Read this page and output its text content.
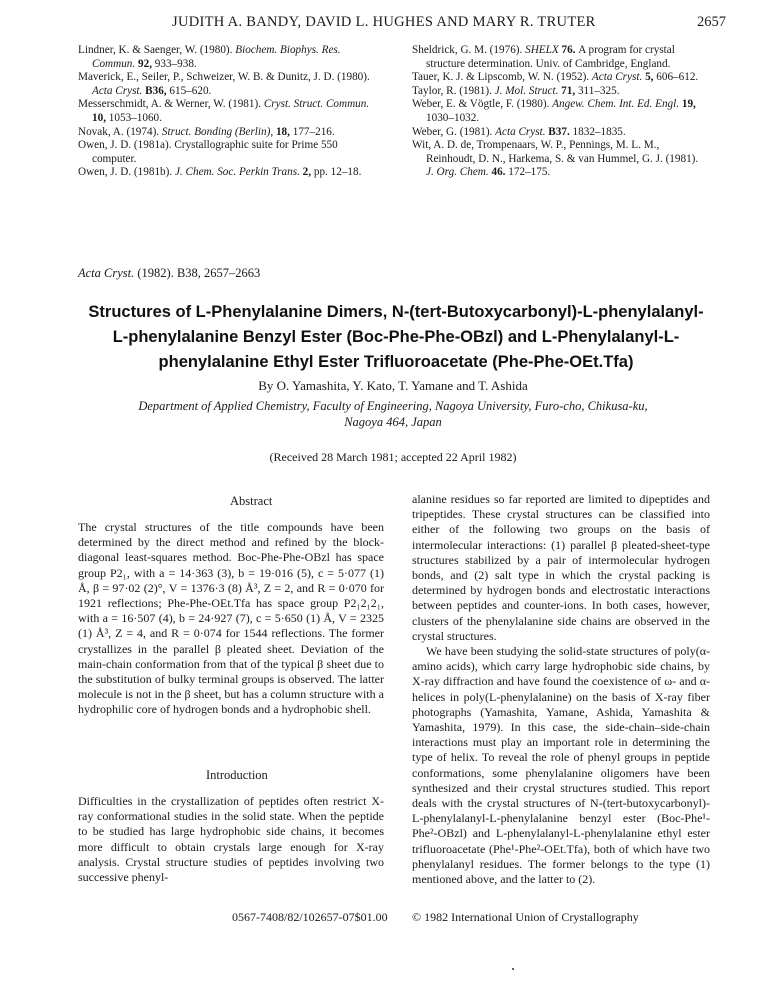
JUDITH A. BANDY, DAVID L. HUGHES AND MARY R. TRUTER	2657

Lindner, K. & Saenger, W. (1980). Biochem. Biophys. Res. Commun. 92, 933–938.

Maverick, E., Seiler, P., Schweizer, W. B. & Dunitz, J. D. (1980). Acta Cryst. B36, 615–620.

Messerschmidt, A. & Werner, W. (1981). Cryst. Struct. Commun. 10, 1053–1060.

Novak, A. (1974). Struct. Bonding (Berlin), 18, 177–216.

Owen, J. D. (1981a). Crystallographic suite for Prime 550 computer.

Owen, J. D. (1981b). J. Chem. Soc. Perkin Trans. 2, pp. 12–18.

Sheldrick, G. M. (1976). SHELX 76. A program for crystal structure determination. Univ. of Cambridge, England.

Tauer, K. J. & Lipscomb, W. N. (1952). Acta Cryst. 5, 606–612.

Taylor, R. (1981). J. Mol. Struct. 71, 311–325.

Weber, E. & Vögtle, F. (1980). Angew. Chem. Int. Ed. Engl. 19, 1030–1032.

Weber, G. (1981). Acta Cryst. B37. 1832–1835.

Wit, A. D. de, Trompenaars, W. P., Pennings, M. L. M., Reinhoudt, D. N., Harkema, S. & van Hummel, G. J. (1981). J. Org. Chem. 46. 172–175.

Acta Cryst. (1982). B38, 2657–2663
Structures of L-Phenylalanine Dimers, N-(tert-Butoxycarbonyl)-L-phenylalanyl-L-phenylalanine Benzyl Ester (Boc-Phe-Phe-OBzl) and L-Phenylalanyl-L-phenylalanine Ethyl Ester Trifluoroacetate (Phe-Phe-OEt.Tfa)
By O. Yamashita, Y. Kato, T. Yamane and T. Ashida
Department of Applied Chemistry, Faculty of Engineering, Nagoya University, Furo-cho, Chikusa-ku, Nagoya 464, Japan
(Received 28 March 1981; accepted 22 April 1982)
Abstract

The crystal structures of the title compounds have been determined by the direct method and refined by the block-diagonal least-squares method. Boc-Phe-Phe-OBzl has space group P2₁, with a = 14·363 (3), b = 19·016 (5), c = 5·077 (1) Å, β = 97·02 (2)°, V = 1376·3 (8) Å³, Z = 2, and R = 0·070 for 1921 reflections; Phe-Phe-OEt.Tfa has space group P2₁2₁2₁, with a = 16·507 (4), b = 24·927 (7), c = 5·650 (1) Å, V = 2325 (1) Å³, Z = 4, and R = 0·074 for 1544 reflections. The former crystallizes in the parallel β pleated sheet. Deviation of the main-chain conformation from that of the typical β sheet due to the substitution of bulky terminal groups is observed. The latter molecule is not in the β sheet, but has a column structure with a hydrophilic core of hydrogen bonds and a hydrophobic shell.

Introduction

Difficulties in the crystallization of peptides often restrict X-ray conformational studies in the solid state. When the peptide to be studied has large hydrophobic side chains, it becomes more difficult to obtain crystals large enough for X-ray analysis. Crystal structure studies of peptides involving two successive phenyl-

alanine residues so far reported are limited to dipeptides and tripeptides. These crystal structures can be classified into either of the following two groups on the basis of intermolecular interactions: (1) parallel β pleated-sheet-type structures stabilized by a pair of intermolecular hydrogen bonds, and (2) salt type in which the crystal packing is determined by hydrogen bonds and electrostatic interactions between peptides and counter-ions. In both cases, however, clusters of the phenylalanine side chains are observed in the crystal structures.

We have been studying the solid-state structures of poly(α-amino acids), which carry large hydrophobic side chains, by X-ray diffraction and have found the coexistence of ω- and α-helices in poly(L-phenylalanine) on the basis of X-ray fiber photographs (Yamashita, Yamane, Ashida, Yamashita & Yamashita, 1979). In this case, the side-chain–side-chain interactions must play an important role in determining the type of helix. To reveal the role of phenyl groups in peptide conformations, some phenylalanine oligomers have been synthesized and their crystal structures studied. This report deals with the crystal structures of N-(tert-butoxycarbonyl)-L-phenylalanyl-L-phenylalanine benzyl ester (Boc-Phe¹-Phe²-OBzl) and L-phenylalanyl-L-phenylalanine ethyl ester trifluoroacetate (Phe¹-Phe²-OEt.Tfa), both of which have two phenylalanyl residues. The former belongs to the type (1) mentioned above, and the latter to (2).

0567-7408/82/102657-07$01.00 © 1982 International Union of Crystallography
